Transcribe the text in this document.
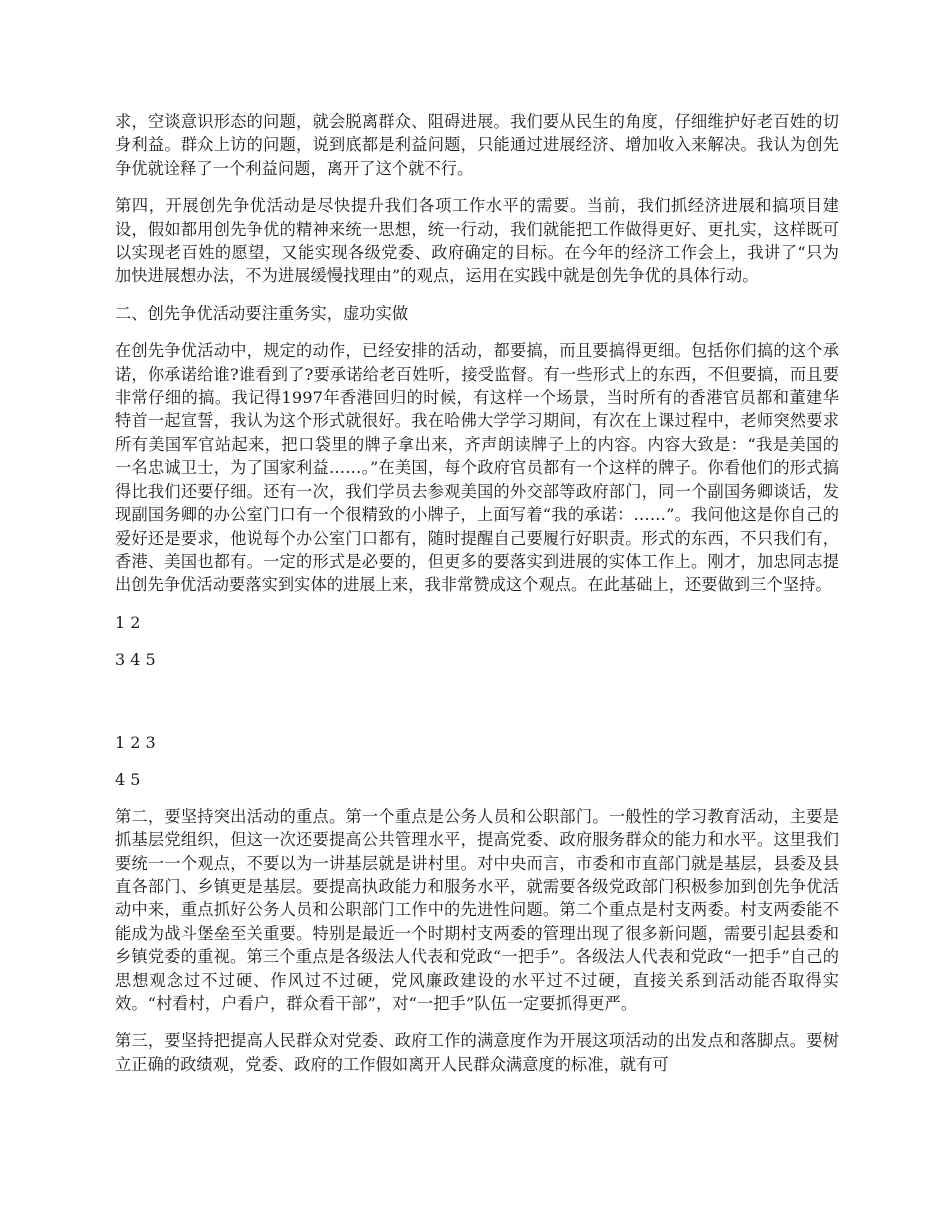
求，空谈意识形态的问题，就会脱离群众、阻碍进展。我们要从民生的角度，仔细维护好老百姓的切身利益。群众上访的问题，说到底都是利益问题，只能通过进展经济、增加收入来解决。我认为创先争优就诠释了一个利益问题，离开了这个就不行。

第四，开展创先争优活动是尽快提升我们各项工作水平的需要。当前，我们抓经济进展和搞项目建设，假如都用创先争优的精神来统一思想，统一行动，我们就能把工作做得更好、更扎实，这样既可以实现老百姓的愿望，又能实现各级党委、政府确定的目标。在今年的经济工作会上，我讲了“只为加快进展想办法，不为进展缓慢找理由”的观点，运用在实践中就是创先争优的具体行动。

二、创先争优活动要注重务实，虚功实做

在创先争优活动中，规定的动作，已经安排的活动，都要搞，而且要搞得更细。包括你们搞的这个承诺，你承诺给谁?谁看到了?要承诺给老百姓听，接受监督。有一些形式上的东西，不但要搞，而且要非常仔细的搞。我记得1997年香港回归的时候，有这样一个场景，当时所有的香港官员都和董建华特首一起宣誓，我认为这个形式就很好。我在哈佛大学学习期间，有次在上课过程中，老师突然要求所有美国军官站起来，把口袋里的牌子拿出来，齐声朗读牌子上的内容。内容大致是：“我是美国的一名忠诚卫士，为了国家利益……。”在美国，每个政府官员都有一个这样的牌子。你看他们的形式搞得比我们还要仔细。还有一次，我们学员去参观美国的外交部等政府部门，同一个副国务卿谈话，发现副国务卿的办公室门口有一个很精致的小牌子，上面写着“我的承诺：……”。我问他这是你自己的爱好还是要求，他说每个办公室门口都有，随时提醒自己要履行好职责。形式的东西，不只我们有，香港、美国也都有。一定的形式是必要的，但更多的要落实到进展的实体工作上。刚才，加忠同志提出创先争优活动要落实到实体的进展上来，我非常赞成这个观点。在此基础上，还要做到三个坚持。

1 2

3 4 5

1 2 3

4 5

第二，要坚持突出活动的重点。第一个重点是公务人员和公职部门。一般性的学习教育活动，主要是抓基层党组织，但这一次还要提高公共管理水平，提高党委、政府服务群众的能力和水平。这里我们要统一一个观点，不要以为一讲基层就是讲村里。对中央而言，市委和市直部门就是基层，县委及县直各部门、乡镇更是基层。要提高执政能力和服务水平，就需要各级党政部门积极参加到创先争优活动中来，重点抓好公务人员和公职部门工作中的先进性问题。第二个重点是村支两委。村支两委能不能成为战斗堡垒至关重要。特别是最近一个时期村支两委的管理出现了很多新问题，需要引起县委和乡镇党委的重视。第三个重点是各级法人代表和党政“一把手”。各级法人代表和党政“一把手”自己的思想观念过不过硬、作风过不过硬，党风廉政建设的水平过不过硬，直接关系到活动能否取得实效。“村看村，户看户，群众看干部”，对“一把手”队伍一定要抓得更严。

第三，要坚持把提高人民群众对党委、政府工作的满意度作为开展这项活动的出发点和落脚点。要树立正确的政绩观，党委、政府的工作假如离开人民群众满意度的标准，就有可
